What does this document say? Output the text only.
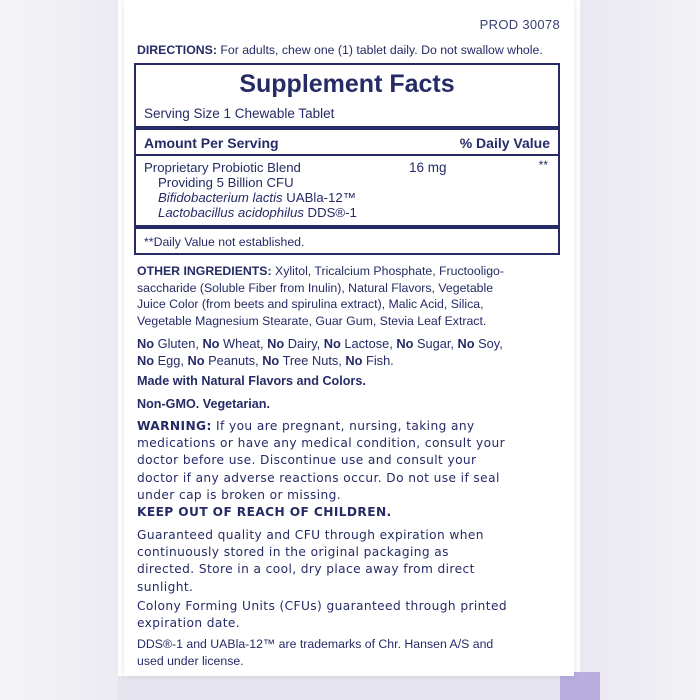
PROD 30078
DIRECTIONS: For adults, chew one (1) tablet daily. Do not swallow whole.
Supplement Facts
Serving Size 1 Chewable Tablet
Amount Per Serving	% Daily Value
Proprietary Probiotic Blend	16 mg	**
Providing 5 Billion CFU
Bifidobacterium lactis UABla-12™
Lactobacillus acidophilus DDS®-1
**Daily Value not established.
OTHER INGREDIENTS: Xylitol, Tricalcium Phosphate, Fructooligo-
saccharide (Soluble Fiber from Inulin), Natural Flavors, Vegetable
Juice Color (from beets and spirulina extract), Malic Acid, Silica,
Vegetable Magnesium Stearate, Guar Gum, Stevia Leaf Extract.
No Gluten, No Wheat, No Dairy, No Lactose, No Sugar, No Soy,
No Egg, No Peanuts, No Tree Nuts, No Fish.
Made with Natural Flavors and Colors.
Non-GMO. Vegetarian.
WARNING: If you are pregnant, nursing, taking any
medications or have any medical condition, consult your
doctor before use. Discontinue use and consult your
doctor if any adverse reactions occur. Do not use if seal
under cap is broken or missing.
KEEP OUT OF REACH OF CHILDREN.
Guaranteed quality and CFU through expiration when
continuously stored in the original packaging as
directed. Store in a cool, dry place away from direct
sunlight.
Colony Forming Units (CFUs) guaranteed through printed
expiration date.
DDS®-1 and UABla-12™ are trademarks of Chr. Hansen A/S and
used under license.
